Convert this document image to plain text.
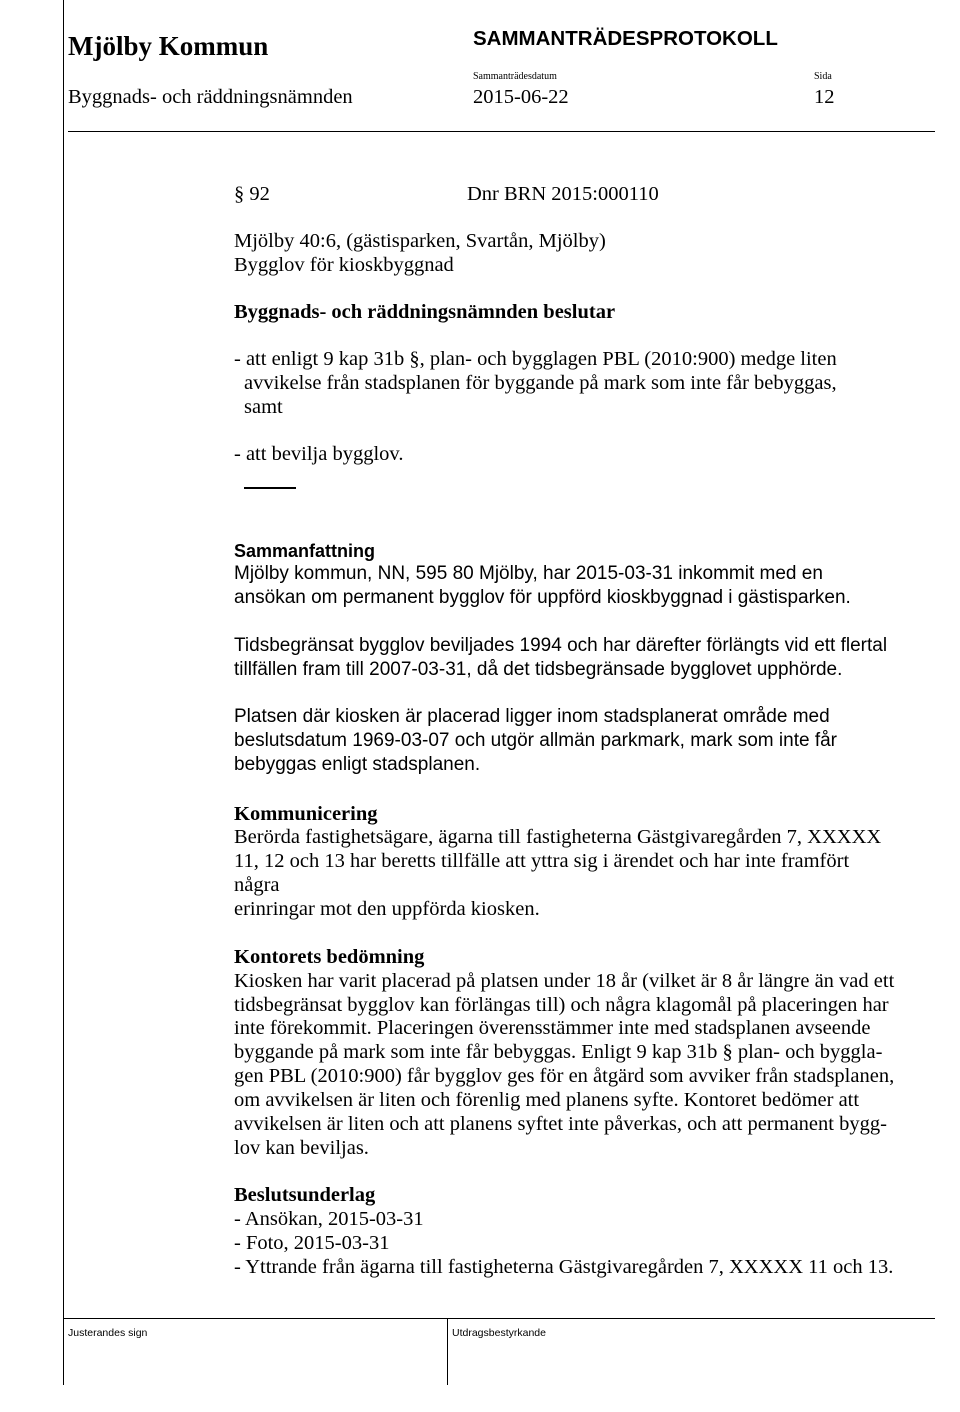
Mjölby Kommun	SAMMANTRÄDESPROTOKOLL
Sammanträdesdatum	Sida
Byggnads- och räddningsnämnden	2015-06-22	12
§ 92	Dnr BRN 2015:000110
Mjölby 40:6, (gästisparken, Svartån, Mjölby)
Bygglov för kioskbyggnad
Byggnads- och räddningsnämnden beslutar
- att enligt 9 kap 31b §, plan- och bygglagen PBL (2010:900) medge liten
avvikelse från stadsplanen för byggande på mark som inte får bebyggas,
samt
- att bevilja bygglov.
Sammanfattning
Mjölby kommun, NN, 595 80 Mjölby, har 2015-03-31 inkommit med en
ansökan om permanent bygglov för uppförd kioskbyggnad i gästisparken.
Tidsbegränsat bygglov beviljades 1994 och har därefter förlängts vid ett flertal
tillfällen fram till 2007-03-31, då det tidsbegränsade bygglovet upphörde.
Platsen där kiosken är placerad ligger inom stadsplanerat område med
beslutsdatum 1969-03-07 och utgör allmän parkmark, mark som inte får
bebyggas enligt stadsplanen.
Kommunicering
Berörda fastighetsägare, ägarna till fastigheterna Gästgivaregården 7, XXXXX
11, 12 och 13 har beretts tillfälle att yttra sig i ärendet och har inte framfört
några
erinringar mot den uppförda kiosken.
Kontorets bedömning
Kiosken har varit placerad på platsen under 18 år (vilket är 8 år längre än vad ett
tidsbegränsat bygglov kan förlängas till) och några klagomål på placeringen har
inte förekommit. Placeringen överensstämmer inte med stadsplanen avseende
byggande på mark som inte får bebyggas. Enligt 9 kap 31b § plan- och byggla-
gen PBL (2010:900) får bygglov ges för en åtgärd som avviker från stadsplanen,
om avvikelsen är liten och förenlig med planens syfte. Kontoret bedömer att
avvikelsen är liten och att planens syftet inte påverkas, och att permanent bygg-
lov kan beviljas.
Beslutsunderlag
- Ansökan, 2015-03-31
- Foto, 2015-03-31
- Yttrande från ägarna till fastigheterna Gästgivaregården 7, XXXXX 11 och 13.
Justerandes sign	Utdragsbestyrkande
